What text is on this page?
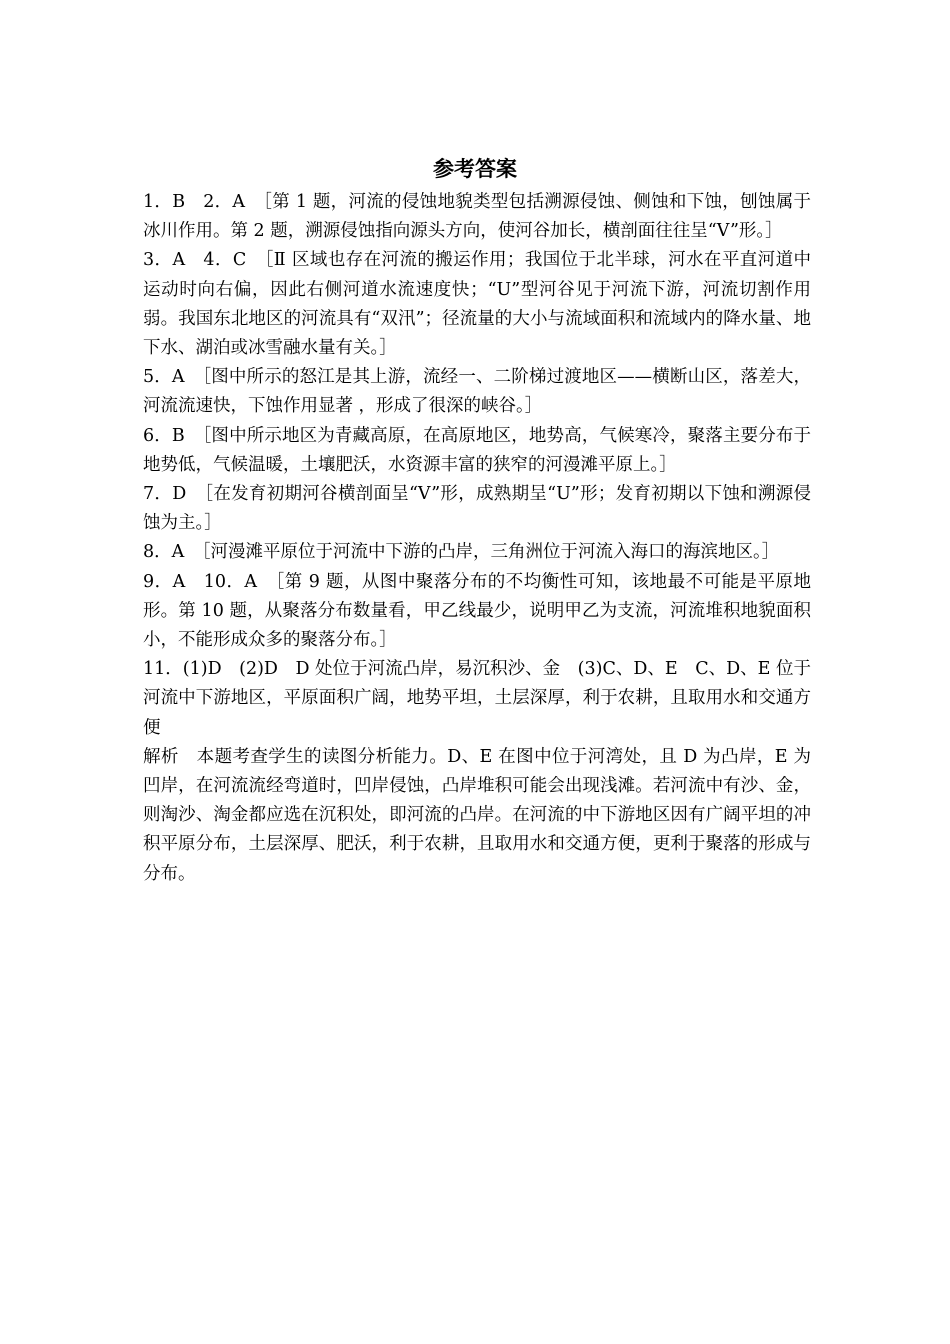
参考答案

1．B　2．A　［第 1 题，河流的侵蚀地貌类型包括溯源侵蚀、侧蚀和下蚀，刨蚀属于冰川作用。第 2 题，溯源侵蚀指向源头方向，使河谷加长，横剖面往往呈“V”形。］

3．A　4．C　［Ⅱ 区域也存在河流的搬运作用；我国位于北半球，河水在平直河道中运动时向右偏，因此右侧河道水流速度快；“U”型河谷见于河流下游，河流切割作用弱。我国东北地区的河流具有“双汛”；径流量的大小与流域面积和流域内的降水量、地下水、湖泊或冰雪融水量有关。］

5．A　［图中所示的怒江是其上游，流经一、二阶梯过渡地区——横断山区，落差大，河流流速快，下蚀作用显著 ，形成了很深的峡谷。］

6．B　［图中所示地区为青藏高原，在高原地区，地势高，气候寒冷，聚落主要分布于地势低，气候温暖，土壤肥沃，水资源丰富的狭窄的河漫滩平原上。］

7．D　［在发育初期河谷横剖面呈“V”形，成熟期呈“U”形；发育初期以下蚀和溯源侵蚀为主。］

8．A　［河漫滩平原位于河流中下游的凸岸，三角洲位于河流入海口的海滨地区。］

9．A　10．A　［第 9 题，从图中聚落分布的不均衡性可知，该地最不可能是平原地形。第 10 题，从聚落分布数量看，甲乙线最少，说明甲乙为支流，河流堆积地貌面积小，不能形成众多的聚落分布。］

11．(1)D　(2)D　D 处位于河流凸岸，易沉积沙、金　(3)C、D、E　C、D、E 位于河流中下游地区，平原面积广阔，地势平坦，土层深厚，利于农耕，且取用水和交通方便

解析　本题考查学生的读图分析能力。D、E 在图中位于河湾处，且 D 为凸岸，E 为凹岸，在河流流经弯道时，凹岸侵蚀，凸岸堆积可能会出现浅滩。若河流中有沙、金，则淘沙、淘金都应选在沉积处，即河流的凸岸。在河流的中下游地区因有广阔平坦的冲积平原分布，土层深厚、肥沃，利于农耕，且取用水和交通方便，更利于聚落的形成与分布。
